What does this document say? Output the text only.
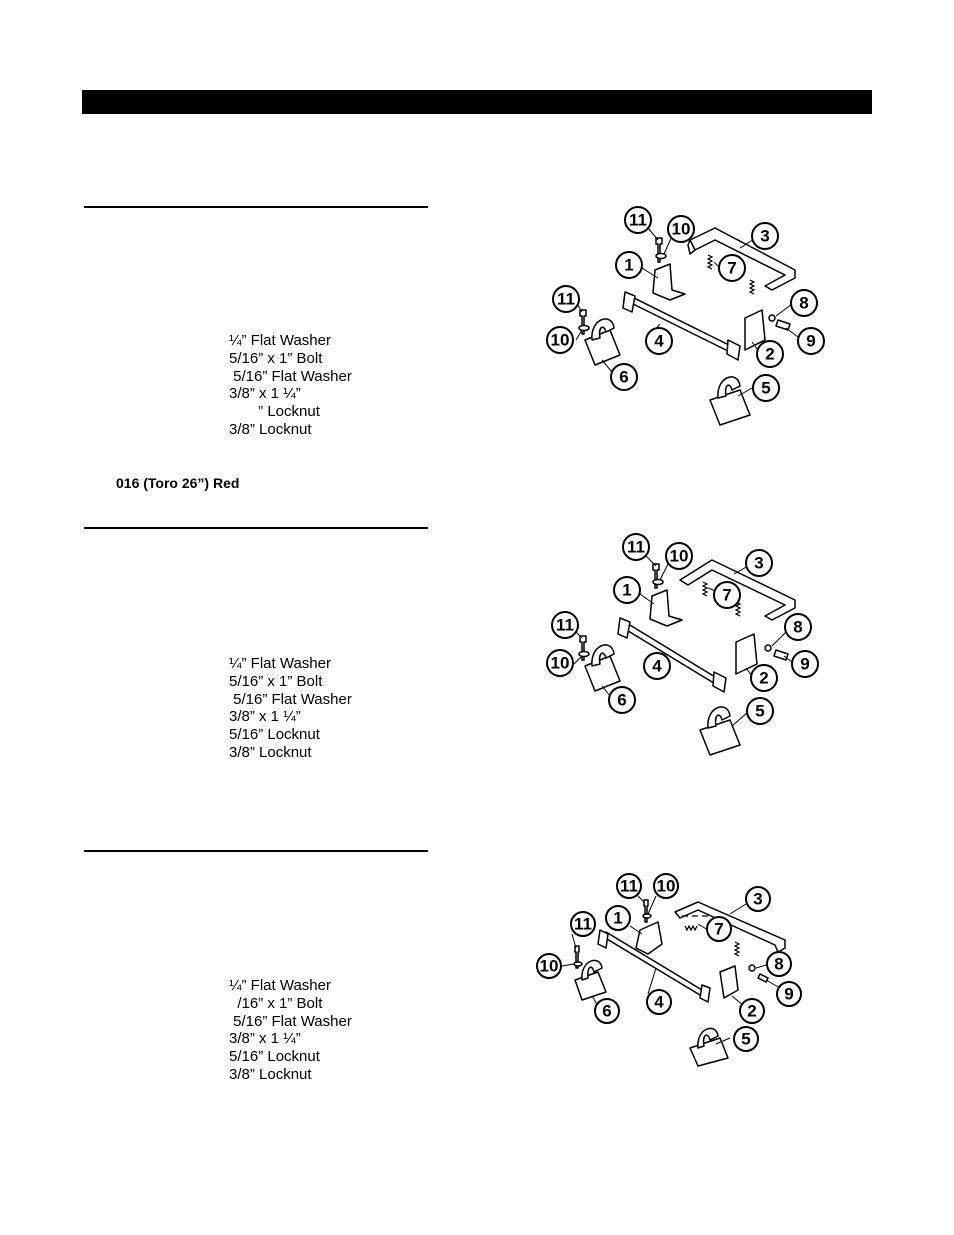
¼” Flat Washer
5/16” x 1” Bolt
5/16” Flat Washer
3/8” x 1 ¼”
” Locknut
3/8” Locknut
016 (Toro 26”) Red
¼” Flat Washer
5/16” x 1” Bolt
5/16” Flat Washer
3/8” x 1 ¼”
5/16” Locknut
3/8” Locknut
¼” Flat Washer
/16” x 1” Bolt
5/16” Flat Washer
3/8” x 1 ¼”
5/16” Locknut
3/8” Locknut
11 10	3
1	7
8
11
10	4	9
2
6
5
11 10	3
1	7
8
11
10	4	9
2
6
5
11 10
1
3
7
11
8
10
9
4	2
6
5
